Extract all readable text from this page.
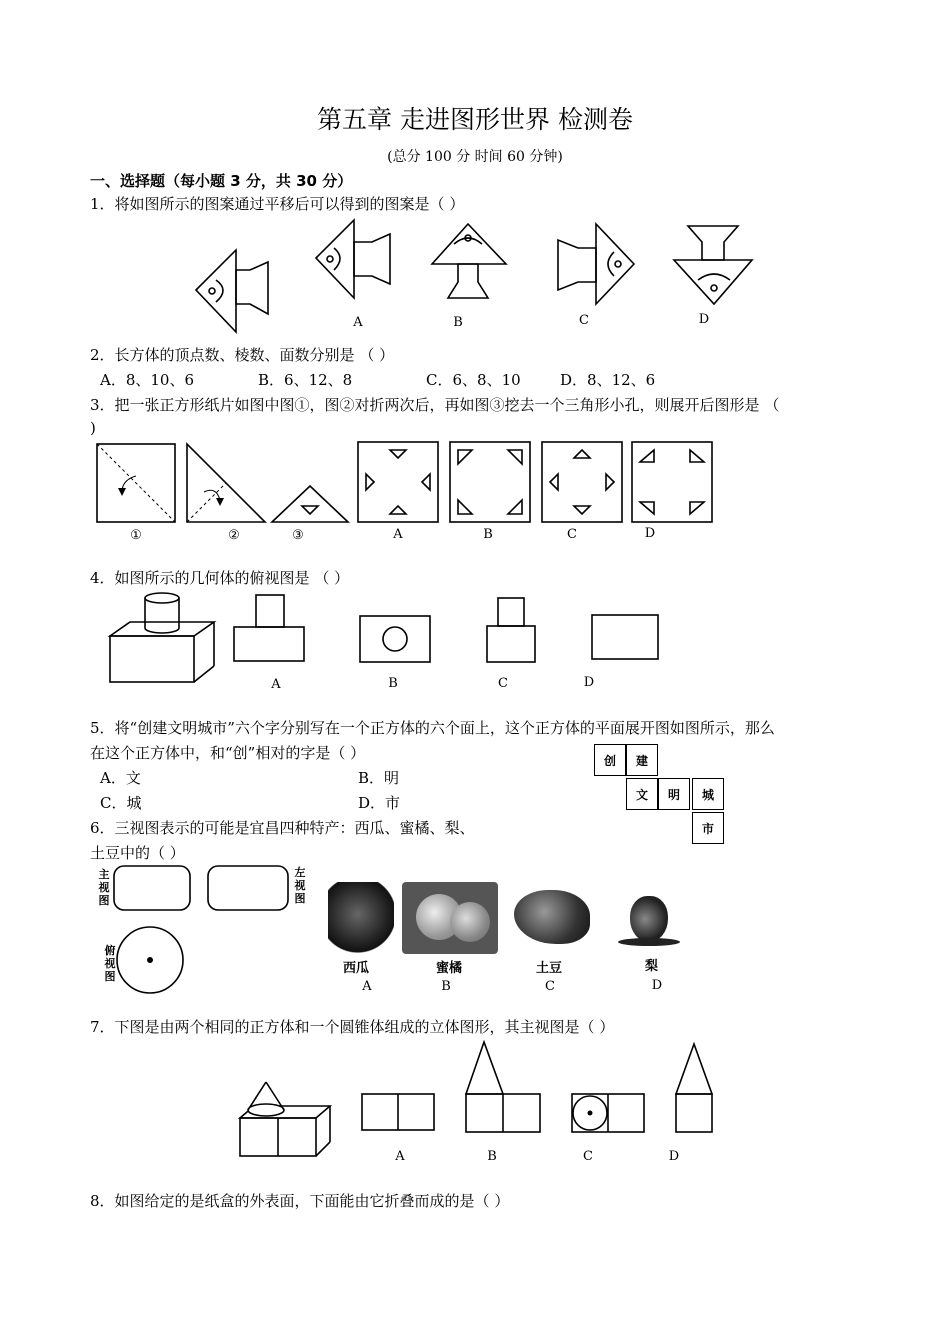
第五章 走进图形世界 检测卷
(总分 100 分 时间 60 分钟)
一、选择题（每小题 3 分，共 30 分）
1．将如图所示的图案通过平移后可以得到的图案是（ ）
A	B	C	D
2．长方体的顶点数、棱数、面数分别是 （ ）
A．8、10、6	B．6、12、8	C．6、8、10	D．8、12、6
3．把一张正方形纸片如图中图①，图②对折两次后，再如图③挖去一个三角形小孔，则展开后图形是 （
)
①	②	③	A	B	C	D
4．如图所示的几何体的俯视图是 （ ）
A	B	C	D
5．将“创建文明城市”六个字分别写在一个正方体的六个面上，这个正方体的平面展开图如图所示，那么
在这个正方体中，和“创”相对的字是（ ）
A．文	B．明
C．城	D．市
创	建
文	明	城
市
6．三视图表示的可能是宜昌四种特产：西瓜、蜜橘、梨、
土豆中的（ ）
主视图
左视图
俯视图
西瓜	蜜橘	土豆	梨
A	B	C	D
7．下图是由两个相同的正方体和一个圆锥体组成的立体图形，其主视图是（ ）
A	B	C	D
8．如图给定的是纸盒的外表面，下面能由它折叠而成的是（ ）
